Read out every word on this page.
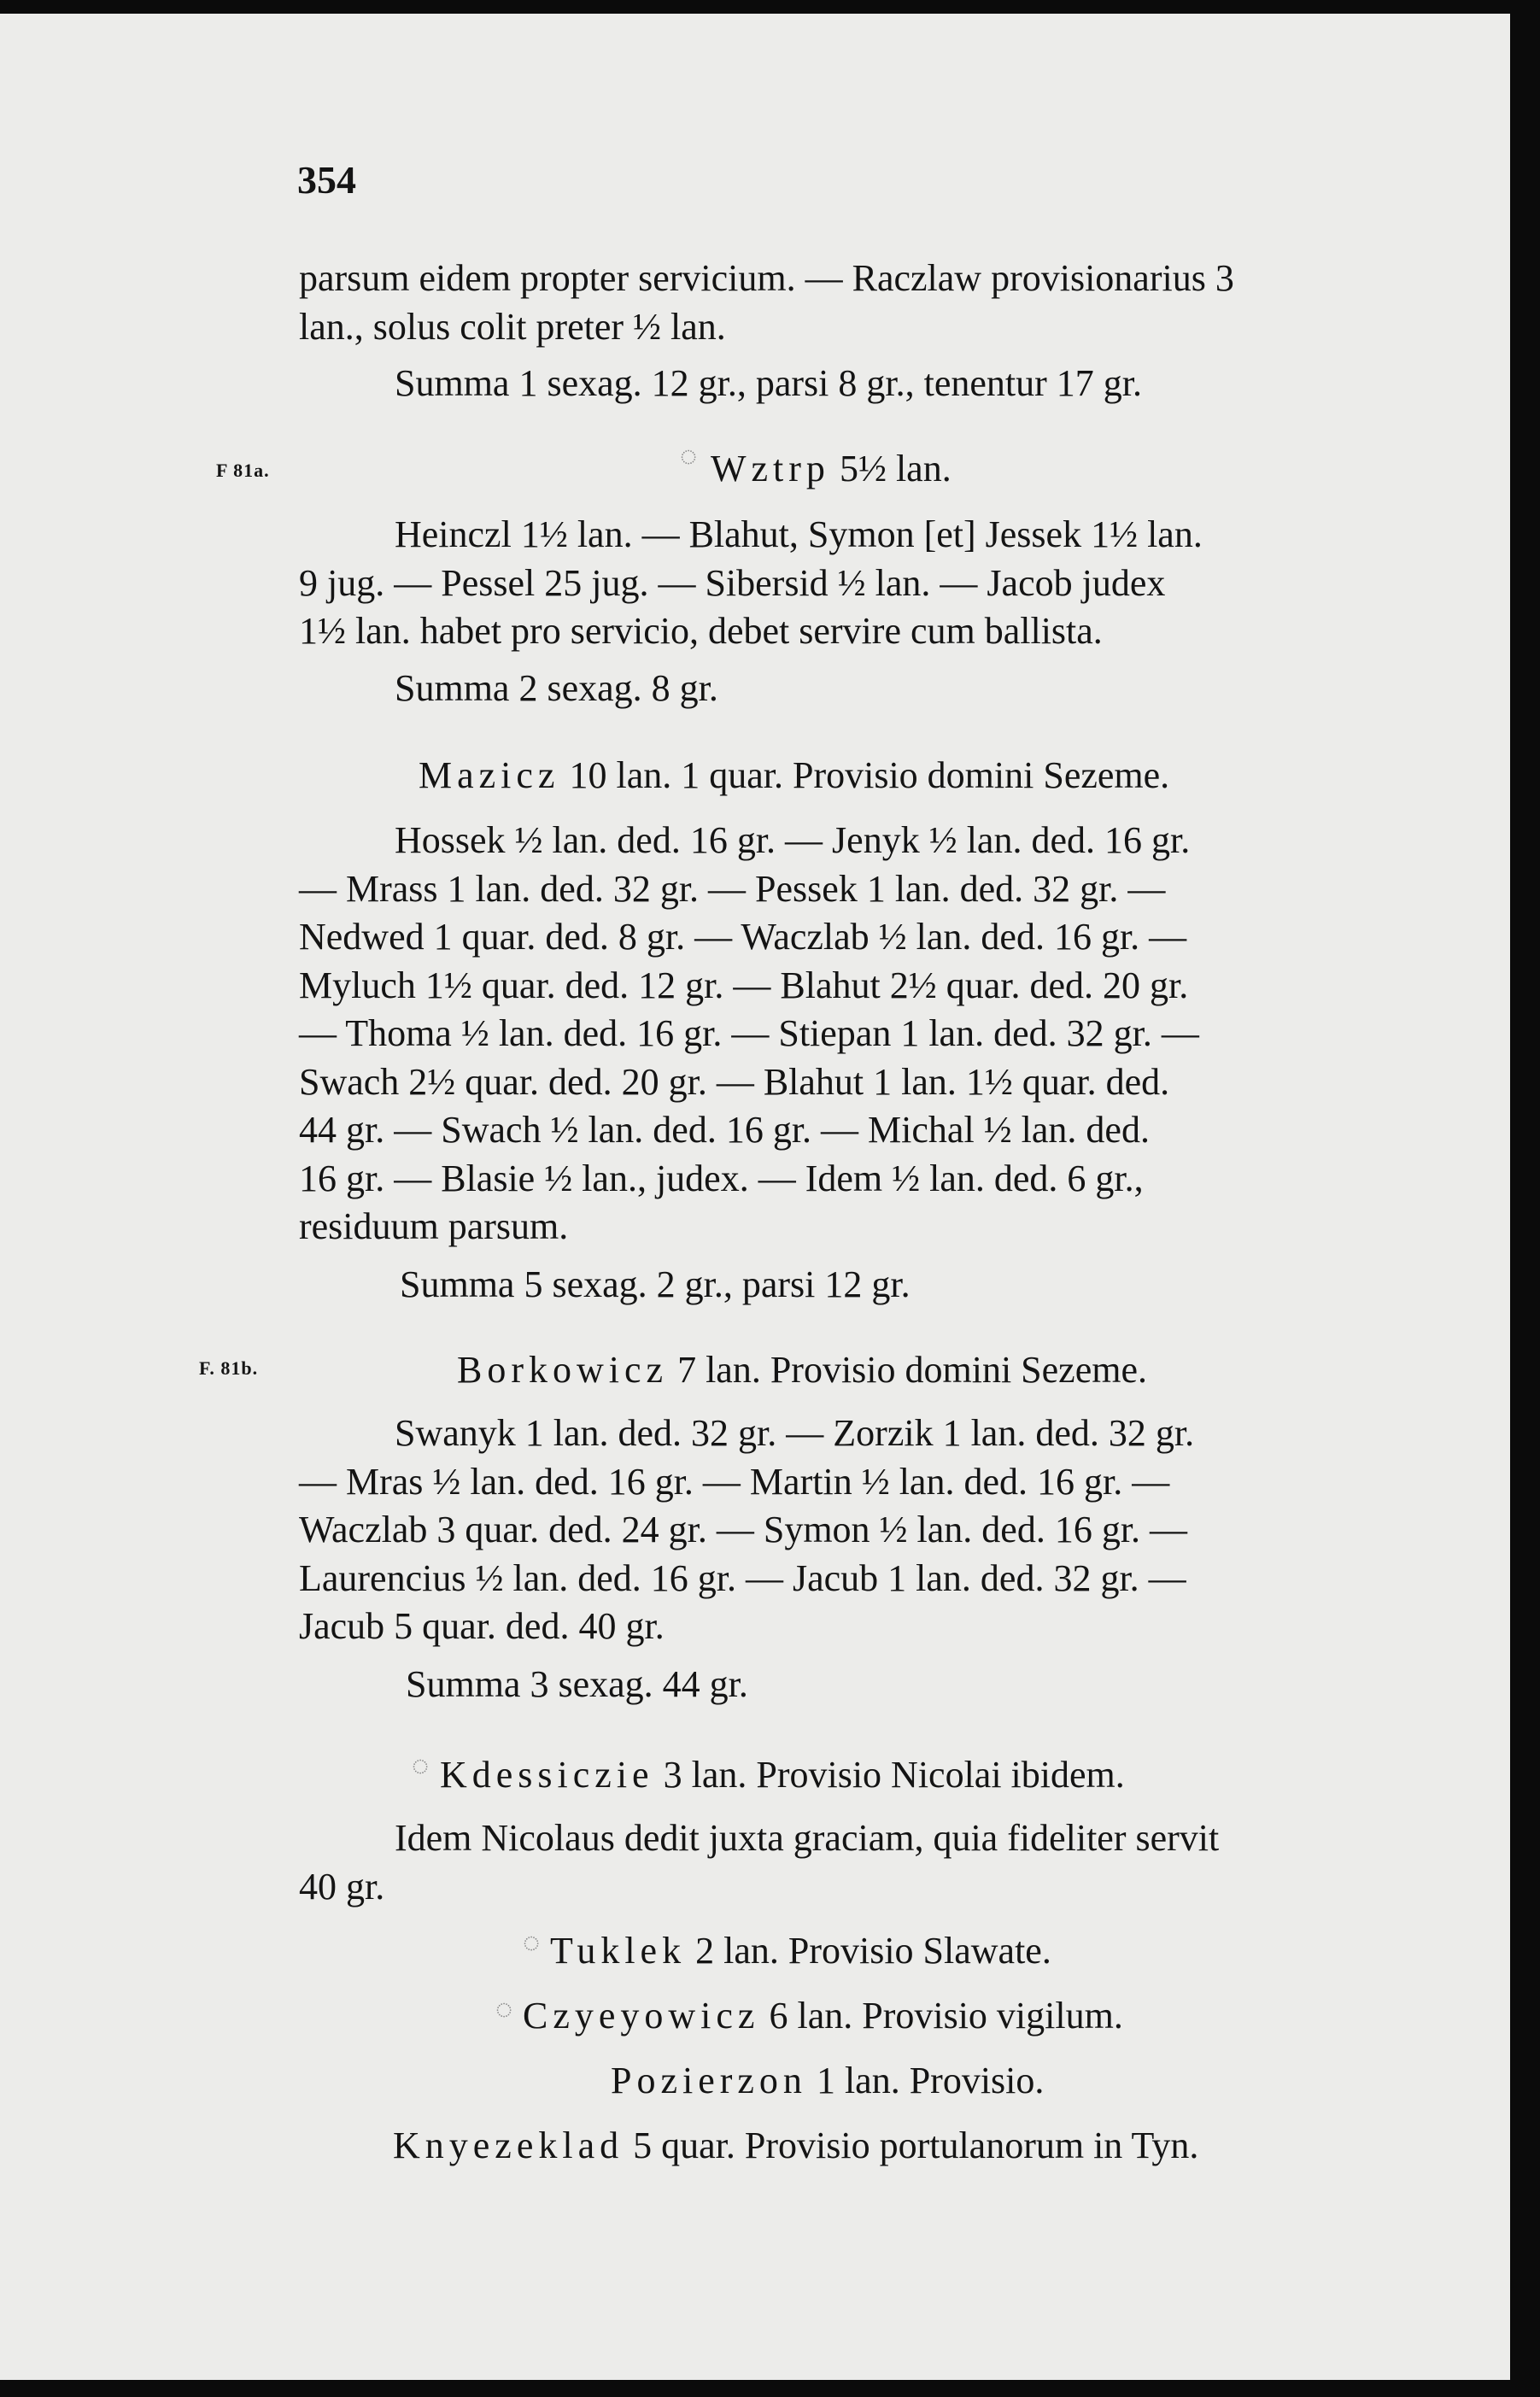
354

parsum eidem propter servicium. — Raczlaw provisionarius 3

lan., solus colit preter ½ lan.

Summa 1 sexag. 12 gr., parsi 8 gr., tenentur 17 gr.
F 81a.	◌ Wztrp 5½ lan.

Heinczl 1½ lan. — Blahut, Symon [et] Jessek 1½ lan.

9 jug. — Pessel 25 jug. — Sibersid ½ lan. — Jacob judex

1½ lan. habet pro servicio, debet servire cum ballista.

Summa 2 sexag. 8 gr.
Mazicz 10 lan. 1 quar. Provisio domini Sezeme.

Hossek ½ lan. ded. 16 gr. — Jenyk ½ lan. ded. 16 gr.

— Mrass 1 lan. ded. 32 gr. — Pessek 1 lan. ded. 32 gr. —

Nedwed 1 quar. ded. 8 gr. — Waczlab ½ lan. ded. 16 gr. —

Myluch 1½ quar. ded. 12 gr. — Blahut 2½ quar. ded. 20 gr.

— Thoma ½ lan. ded. 16 gr. — Stiepan 1 lan. ded. 32 gr. —

Swach 2½ quar. ded. 20 gr. — Blahut 1 lan. 1½ quar. ded.

44 gr. — Swach ½ lan. ded. 16 gr. — Michal ½ lan. ded.

16 gr. — Blasie ½ lan., judex. — Idem ½ lan. ded. 6 gr.,

residuum parsum.

Summa 5 sexag. 2 gr., parsi 12 gr.
F. 81b.	Borkowicz 7 lan. Provisio domini Sezeme.

Swanyk 1 lan. ded. 32 gr. — Zorzik 1 lan. ded. 32 gr.

— Mras ½ lan. ded. 16 gr. — Martin ½ lan. ded. 16 gr. —

Waczlab 3 quar. ded. 24 gr. — Symon ½ lan. ded. 16 gr. —

Laurencius ½ lan. ded. 16 gr. — Jacub 1 lan. ded. 32 gr. —

Jacub 5 quar. ded. 40 gr.

Summa 3 sexag. 44 gr.
◌ Kdessiczie 3 lan. Provisio Nicolai ibidem.

Idem Nicolaus dedit juxta graciam, quia fideliter servit

40 gr.

◌ Tuklek 2 lan. Provisio Slawate.
◌ Czyeyowicz 6 lan. Provisio vigilum.
Pozierzon 1 lan. Provisio.
Knyezeklad 5 quar. Provisio portulanorum in Tyn.
